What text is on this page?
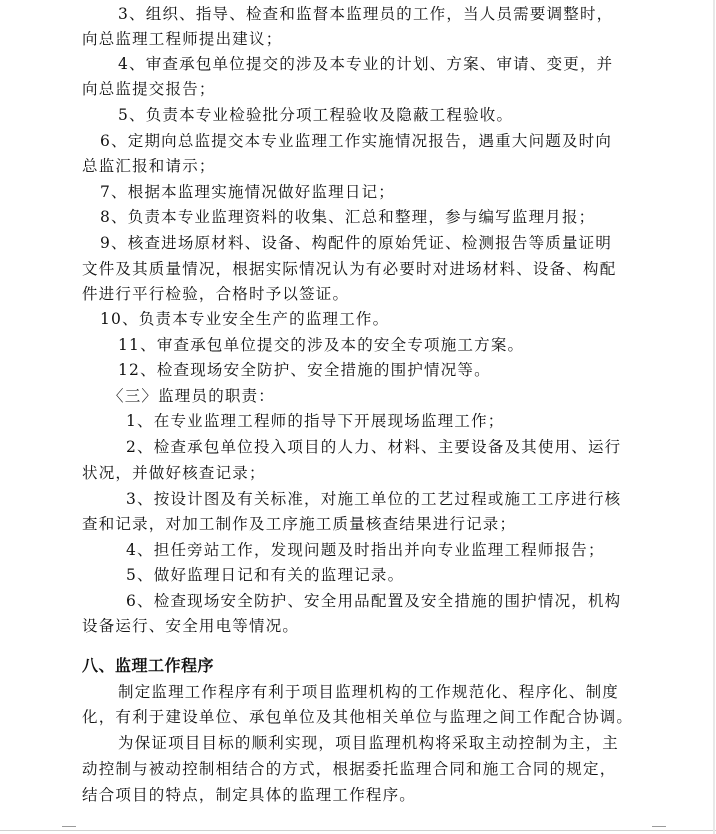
3、组织、指导、检查和监督本监理员的工作，当人员需要调整时，
向总监理工程师提出建议；
4、审查承包单位提交的涉及本专业的计划、方案、审请、变更，并
向总监提交报告；
5、负责本专业检验批分项工程验收及隐蔽工程验收。
6、定期向总监提交本专业监理工作实施情况报告，遇重大问题及时向
总监汇报和请示；
7、根据本监理实施情况做好监理日记；
8、负责本专业监理资料的收集、汇总和整理，参与编写监理月报；
9、核查进场原材料、设备、构配件的原始凭证、检测报告等质量证明
文件及其质量情况，根据实际情况认为有必要时对进场材料、设备、构配
件进行平行检验，合格时予以签证。
10、负责本专业安全生产的监理工作。
11、审查承包单位提交的涉及本的安全专项施工方案。
12、检查现场安全防护、安全措施的围护情况等。
〈三〉监理员的职责：
1、在专业监理工程师的指导下开展现场监理工作；
2、检查承包单位投入项目的人力、材料、主要设备及其使用、运行
状况，并做好核查记录；
3、按设计图及有关标准，对施工单位的工艺过程或施工工序进行核
查和记录，对加工制作及工序施工质量核查结果进行记录；
4、担任旁站工作，发现问题及时指出并向专业监理工程师报告；
5、做好监理日记和有关的监理记录。
6、检查现场安全防护、安全用品配置及安全措施的围护情况，机构
设备运行、安全用电等情况。
八、监理工作程序
制定监理工作程序有利于项目监理机构的工作规范化、程序化、制度
化，有利于建设单位、承包单位及其他相关单位与监理之间工作配合协调。
为保证项目目标的顺利实现，项目监理机构将采取主动控制为主，主
动控制与被动控制相结合的方式，根据委托监理合同和施工合同的规定，
结合项目的特点，制定具体的监理工作程序。
